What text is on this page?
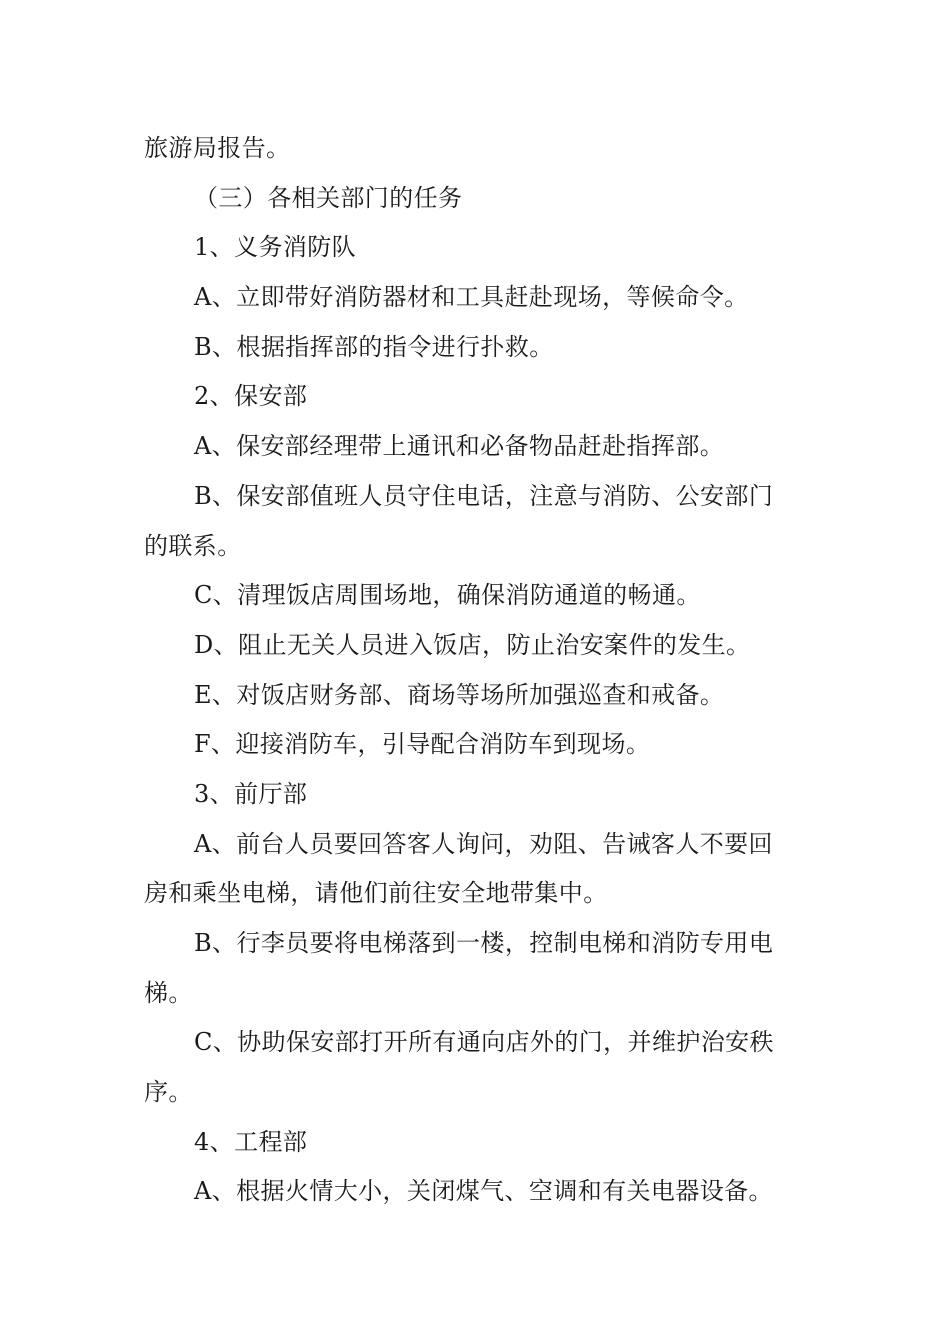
旅游局报告。
（三）各相关部门的任务
1、义务消防队
A、立即带好消防器材和工具赶赴现场，等候命令。
B、根据指挥部的指令进行扑救。
2、保安部
A、保安部经理带上通讯和必备物品赶赴指挥部。
B、保安部值班人员守住电话，注意与消防、公安部门
的联系。
C、清理饭店周围场地，确保消防通道的畅通。
D、阻止无关人员进入饭店，防止治安案件的发生。
E、对饭店财务部、商场等场所加强巡查和戒备。
F、迎接消防车，引导配合消防车到现场。
3、前厅部
A、前台人员要回答客人询问，劝阻、告诫客人不要回
房和乘坐电梯，请他们前往安全地带集中。
B、行李员要将电梯落到一楼，控制电梯和消防专用电
梯。
C、协助保安部打开所有通向店外的门，并维护治安秩
序。
4、工程部
A、根据火情大小，关闭煤气、空调和有关电器设备。
